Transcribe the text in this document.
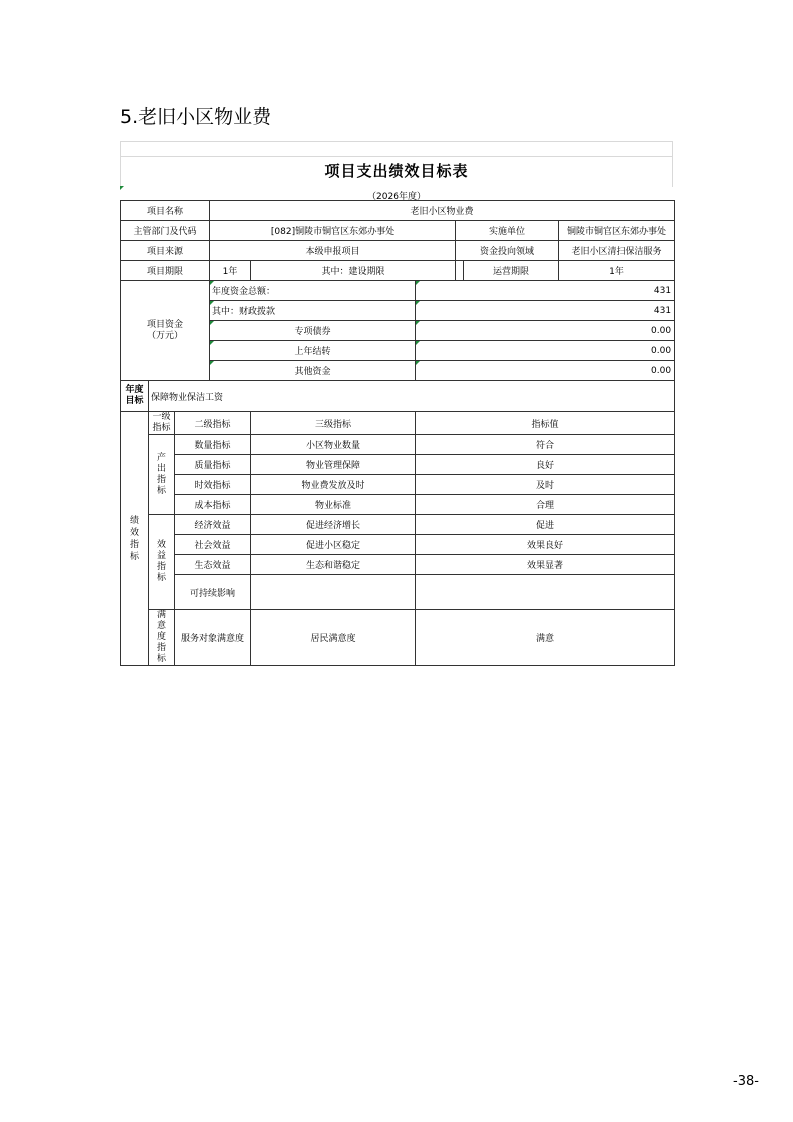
5.老旧小区物业费
项目支出绩效目标表
（2026年度）
项目名称			老旧小区物业费					
主管部门及代码			[082]铜陵市铜官区东郊办事处			实施单位		铜陵市铜官区东郊办事处
项目来源			本级申报项目			资金投向领域		老旧小区清扫保洁服务
项目期限			1年	其中：建设期限			运营期限	1年
项目资金
（万元）			年度资金总额：		431			

其中：财政拨款		431			

专项债券		0.00			

上年结转		0.00			

其他资金		0.00			
年度目标	保障物业保洁工资							
绩效指标	一级指标	二级指标		三级指标	指标值			
	产出指标	数量指标		小区物业数量	符合			
		质量指标		物业管理保障	良好			
		时效指标		物业费发放及时	及时			
		成本指标		物业标准	合理			
	效益指标	经济效益		促进经济增长	促进			
		社会效益		促进小区稳定	效果良好			
		生态效益		生态和谐稳定	效果显著			
		可持续影响						
	满意度指标	服务对象满意度		居民满意度	满意			
-38-
